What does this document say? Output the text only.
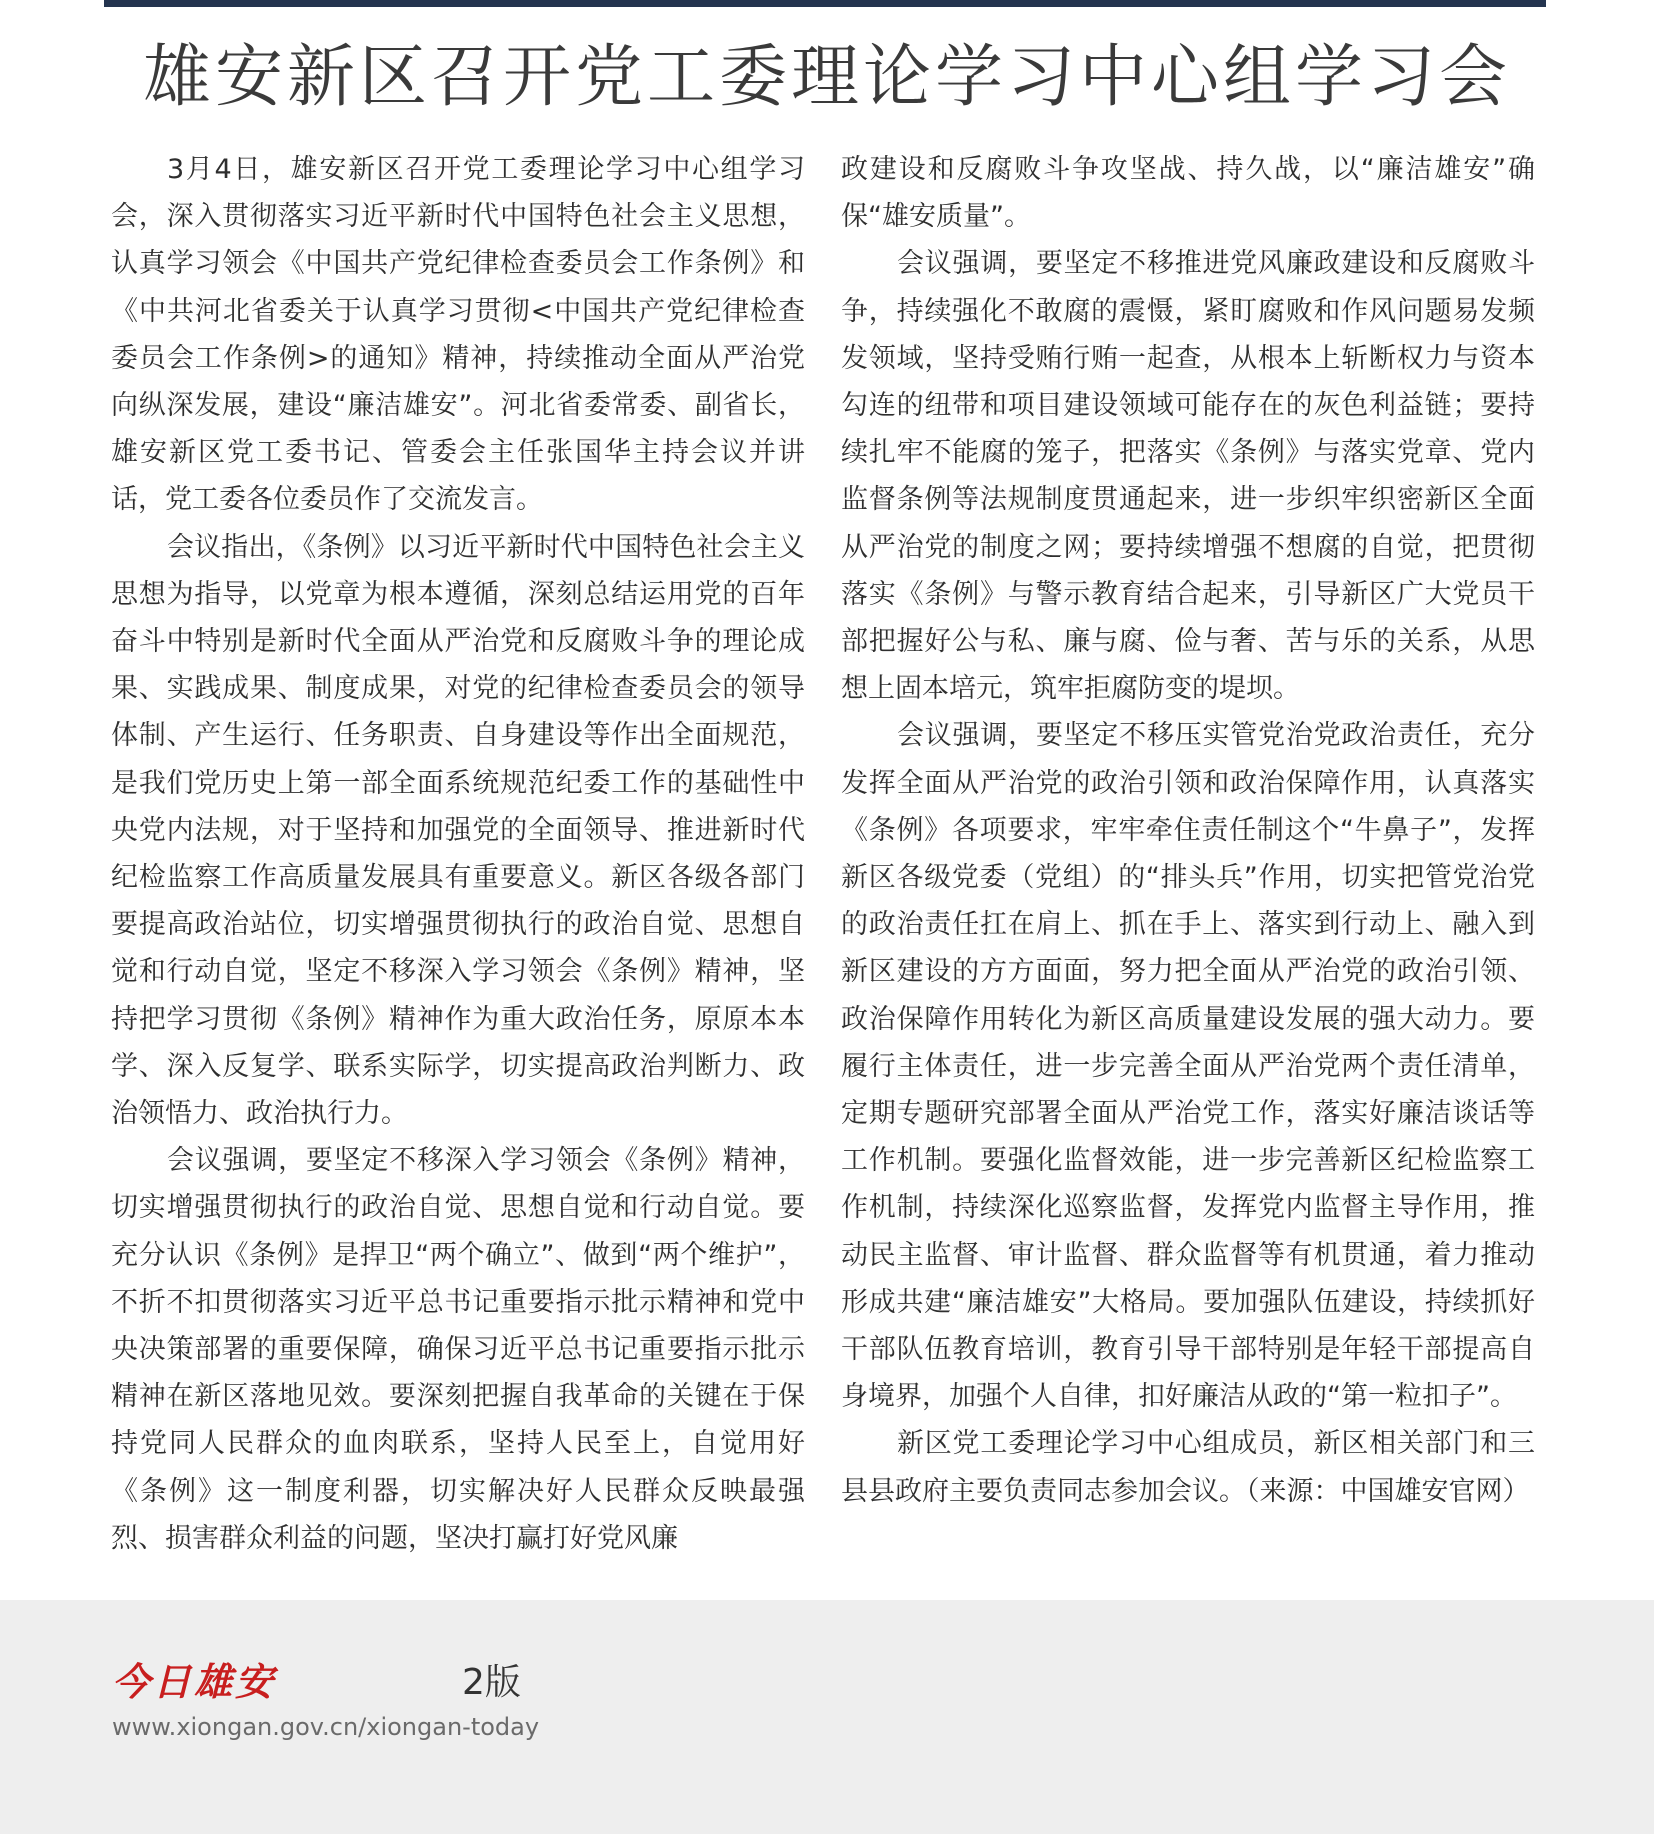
雄安新区召开党工委理论学习中心组学习会

3月4日，雄安新区召开党工委理论学习中心组学习会，深入贯彻落实习近平新时代中国特色社会主义思想，认真学习领会《中国共产党纪律检查委员会工作条例》和《中共河北省委关于认真学习贯彻<中国共产党纪律检查委员会工作条例>的通知》精神，持续推动全面从严治党向纵深发展，建设“廉洁雄安”。河北省委常委、副省长，雄安新区党工委书记、管委会主任张国华主持会议并讲话，党工委各位委员作了交流发言。

会议指出，《条例》以习近平新时代中国特色社会主义思想为指导，以党章为根本遵循，深刻总结运用党的百年奋斗中特别是新时代全面从严治党和反腐败斗争的理论成果、实践成果、制度成果，对党的纪律检查委员会的领导体制、产生运行、任务职责、自身建设等作出全面规范，是我们党历史上第一部全面系统规范纪委工作的基础性中央党内法规，对于坚持和加强党的全面领导、推进新时代纪检监察工作高质量发展具有重要意义。新区各级各部门要提高政治站位，切实增强贯彻执行的政治自觉、思想自觉和行动自觉，坚定不移深入学习领会《条例》精神，坚持把学习贯彻《条例》精神作为重大政治任务，原原本本学、深入反复学、联系实际学，切实提高政治判断力、政治领悟力、政治执行力。

会议强调，要坚定不移深入学习领会《条例》精神，切实增强贯彻执行的政治自觉、思想自觉和行动自觉。要充分认识《条例》是捍卫“两个确立”、做到“两个维护”，不折不扣贯彻落实习近平总书记重要指示批示精神和党中央决策部署的重要保障，确保习近平总书记重要指示批示精神在新区落地见效。要深刻把握自我革命的关键在于保持党同人民群众的血肉联系，坚持人民至上，自觉用好《条例》这一制度利器，切实解决好人民群众反映最强烈、损害群众利益的问题，坚决打赢打好党风廉

政建设和反腐败斗争攻坚战、持久战，以“廉洁雄安”确保“雄安质量”。

会议强调，要坚定不移推进党风廉政建设和反腐败斗争，持续强化不敢腐的震慑，紧盯腐败和作风问题易发频发领域，坚持受贿行贿一起查，从根本上斩断权力与资本勾连的纽带和项目建设领域可能存在的灰色利益链；要持续扎牢不能腐的笼子，把落实《条例》与落实党章、党内监督条例等法规制度贯通起来，进一步织牢织密新区全面从严治党的制度之网；要持续增强不想腐的自觉，把贯彻落实《条例》与警示教育结合起来，引导新区广大党员干部把握好公与私、廉与腐、俭与奢、苦与乐的关系，从思想上固本培元，筑牢拒腐防变的堤坝。

会议强调，要坚定不移压实管党治党政治责任，充分发挥全面从严治党的政治引领和政治保障作用，认真落实《条例》各项要求，牢牢牵住责任制这个“牛鼻子”，发挥新区各级党委（党组）的“排头兵”作用，切实把管党治党的政治责任扛在肩上、抓在手上、落实到行动上、融入到新区建设的方方面面，努力把全面从严治党的政治引领、政治保障作用转化为新区高质量建设发展的强大动力。要履行主体责任，进一步完善全面从严治党两个责任清单，定期专题研究部署全面从严治党工作，落实好廉洁谈话等工作机制。要强化监督效能，进一步完善新区纪检监察工作机制，持续深化巡察监督，发挥党内监督主导作用，推动民主监督、审计监督、群众监督等有机贯通，着力推动形成共建“廉洁雄安”大格局。要加强队伍建设，持续抓好干部队伍教育培训，教育引导干部特别是年轻干部提高自身境界，加强个人自律，扣好廉洁从政的“第一粒扣子”。

新区党工委理论学习中心组成员，新区相关部门和三县县政府主要负责同志参加会议。（来源：中国雄安官网）

今日雄安	2版
www.xiongan.gov.cn/xiongan-today
